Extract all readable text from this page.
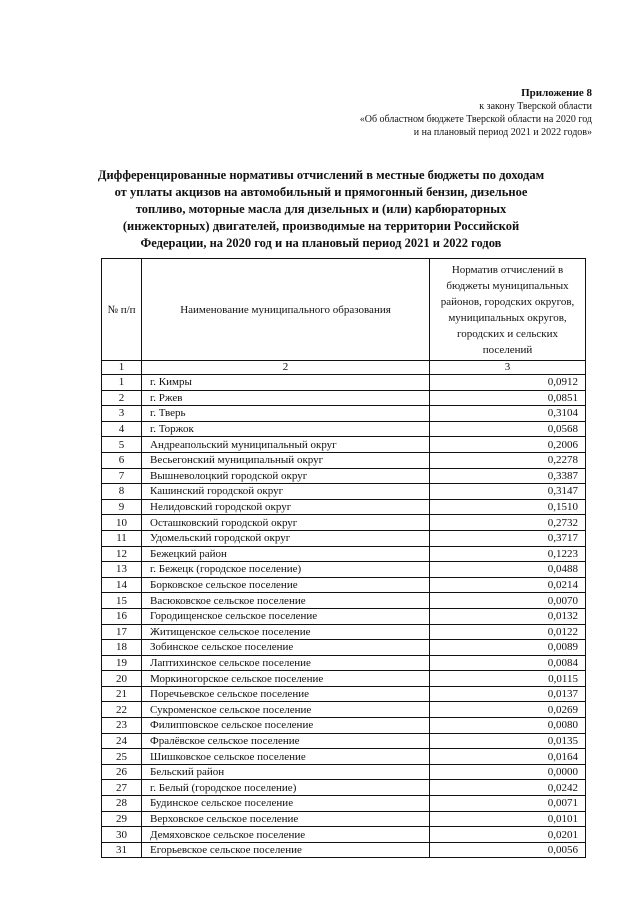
Приложение 8
к закону Тверской области
«Об областном бюджете Тверской области на 2020 год
и на плановый период 2021 и 2022 годов»
Дифференцированные нормативы отчислений в местные бюджеты по доходам от уплаты акцизов на автомобильный и прямогонный бензин, дизельное топливо, моторные масла для дизельных и (или) карбюраторных (инжекторных) двигателей, производимые на территории Российской Федерации, на 2020 год и на плановый период 2021 и 2022 годов
№ п/п	Наименование муниципального образования	Норматив отчислений в бюджеты муниципальных районов, городских округов, муниципальных округов, городских и сельских поселений
1	2	3
1	г. Кимры	0,0912
2	г. Ржев	0,0851
3	г. Тверь	0,3104
4	г. Торжок	0,0568
5	Андреапольский муниципальный округ	0,2006
6	Весьегонский муниципальный округ	0,2278
7	Вышневолоцкий городской округ	0,3387
8	Кашинский городской округ	0,3147
9	Нелидовский городской округ	0,1510
10	Осташковский городской округ	0,2732
11	Удомельский городской округ	0,3717
12	Бежецкий район	0,1223
13	г. Бежецк (городское поселение)	0,0488
14	Борковское сельское поселение	0,0214
15	Васюковское сельское поселение	0,0070
16	Городищенское сельское поселение	0,0132
17	Житищенское сельское поселение	0,0122
18	Зобинское сельское поселение	0,0089
19	Лаптихинское сельское поселение	0,0084
20	Моркиногорское сельское поселение	0,0115
21	Поречьевское сельское поселение	0,0137
22	Сукроменское сельское поселение	0,0269
23	Филипповское сельское поселение	0,0080
24	Фралёвское сельское поселение	0,0135
25	Шишковское сельское поселение	0,0164
26	Бельский район	0,0000
27	г. Белый (городское поселение)	0,0242
28	Будинское сельское поселение	0,0071
29	Верховское сельское поселение	0,0101
30	Демяховское сельское поселение	0,0201
31	Егорьевское сельское поселение	0,0056
